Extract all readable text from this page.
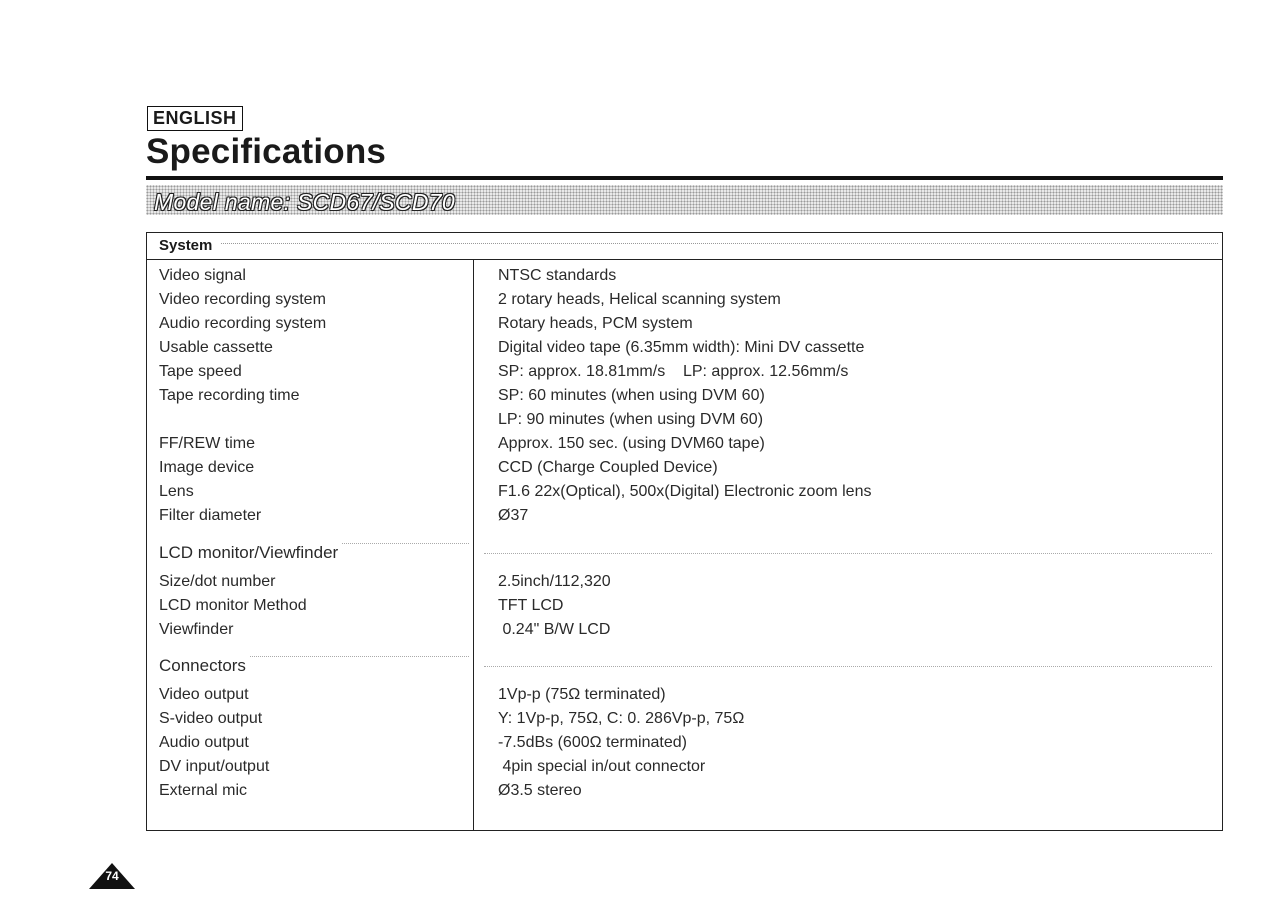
ENGLISH
Specifications
Model name: SCD67/SCD70
System
Video signal	NTSC standards
Video recording system	2 rotary heads, Helical scanning system
Audio recording system	Rotary heads, PCM system
Usable cassette	Digital video tape (6.35mm width): Mini DV cassette
Tape speed	SP: approx. 18.81mm/s    LP: approx. 12.56mm/s
Tape recording time	SP: 60 minutes (when using DVM 60)
LP: 90 minutes (when using DVM 60)
FF/REW time	Approx. 150 sec. (using DVM60 tape)
Image device	CCD (Charge Coupled Device)
Lens	F1.6 22x(Optical), 500x(Digital) Electronic zoom lens
Filter diameter	Ø37
LCD monitor/Viewfinder
Size/dot number	2.5inch/112,320
LCD monitor Method	TFT LCD
Viewfinder	0.24" B/W LCD
Connectors
Video output	1Vp-p (75Ω terminated)
S-video output	Y: 1Vp-p, 75Ω, C: 0. 286Vp-p, 75Ω
Audio output	-7.5dBs (600Ω terminated)
DV input/output	4pin special in/out connector
External mic	Ø3.5 stereo
74
